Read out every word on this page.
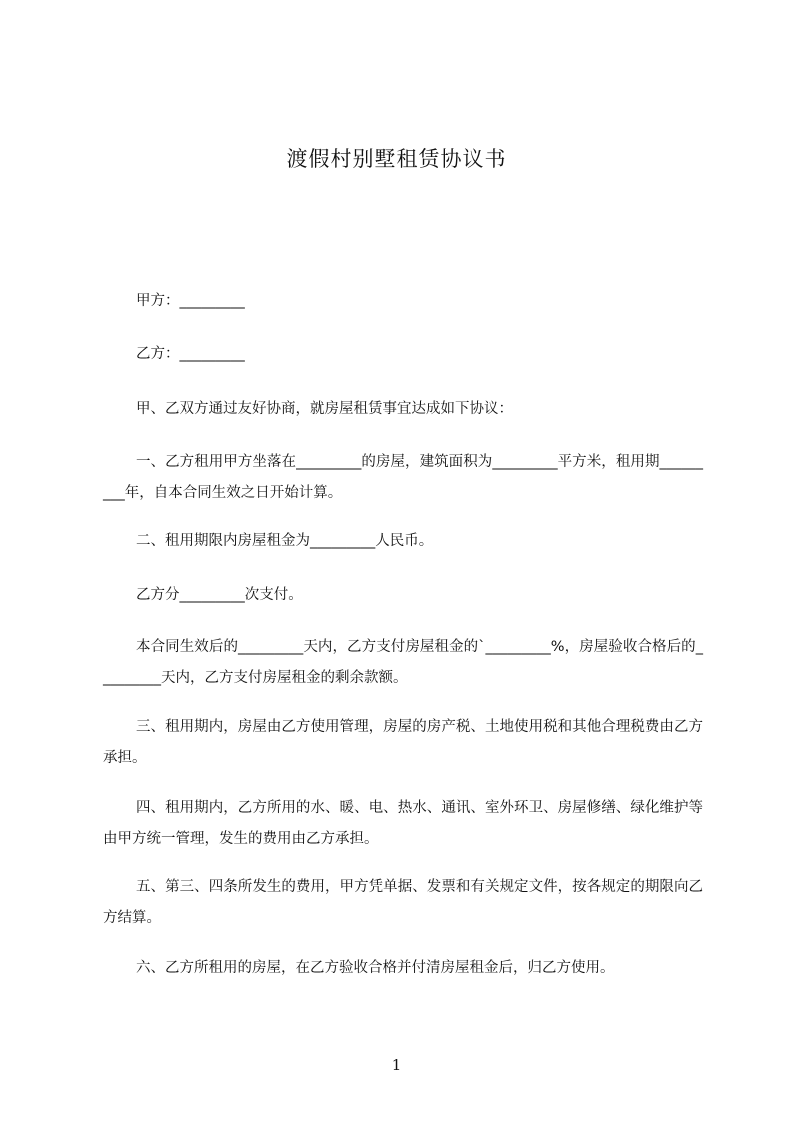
渡假村别墅租赁协议书
甲方：_________
乙方：_________
甲、乙双方通过友好协商，就房屋租赁事宜达成如下协议：
一、乙方租用甲方坐落在_________的房屋，建筑面积为_________平方米，租用期_________年，自本合同生效之日开始计算。
二、租用期限内房屋租金为_________人民币。
乙方分_________次支付。
本合同生效后的_________天内，乙方支付房屋租金的`_________%，房屋验收合格后的_________天内，乙方支付房屋租金的剩余款额。
三、租用期内，房屋由乙方使用管理，房屋的房产税、土地使用税和其他合理税费由乙方承担。
四、租用期内，乙方所用的水、暖、电、热水、通讯、室外环卫、房屋修缮、绿化维护等由甲方统一管理，发生的费用由乙方承担。
五、第三、四条所发生的费用，甲方凭单据、发票和有关规定文件，按各规定的期限向乙方结算。
六、乙方所租用的房屋，在乙方验收合格并付清房屋租金后，归乙方使用。
1
